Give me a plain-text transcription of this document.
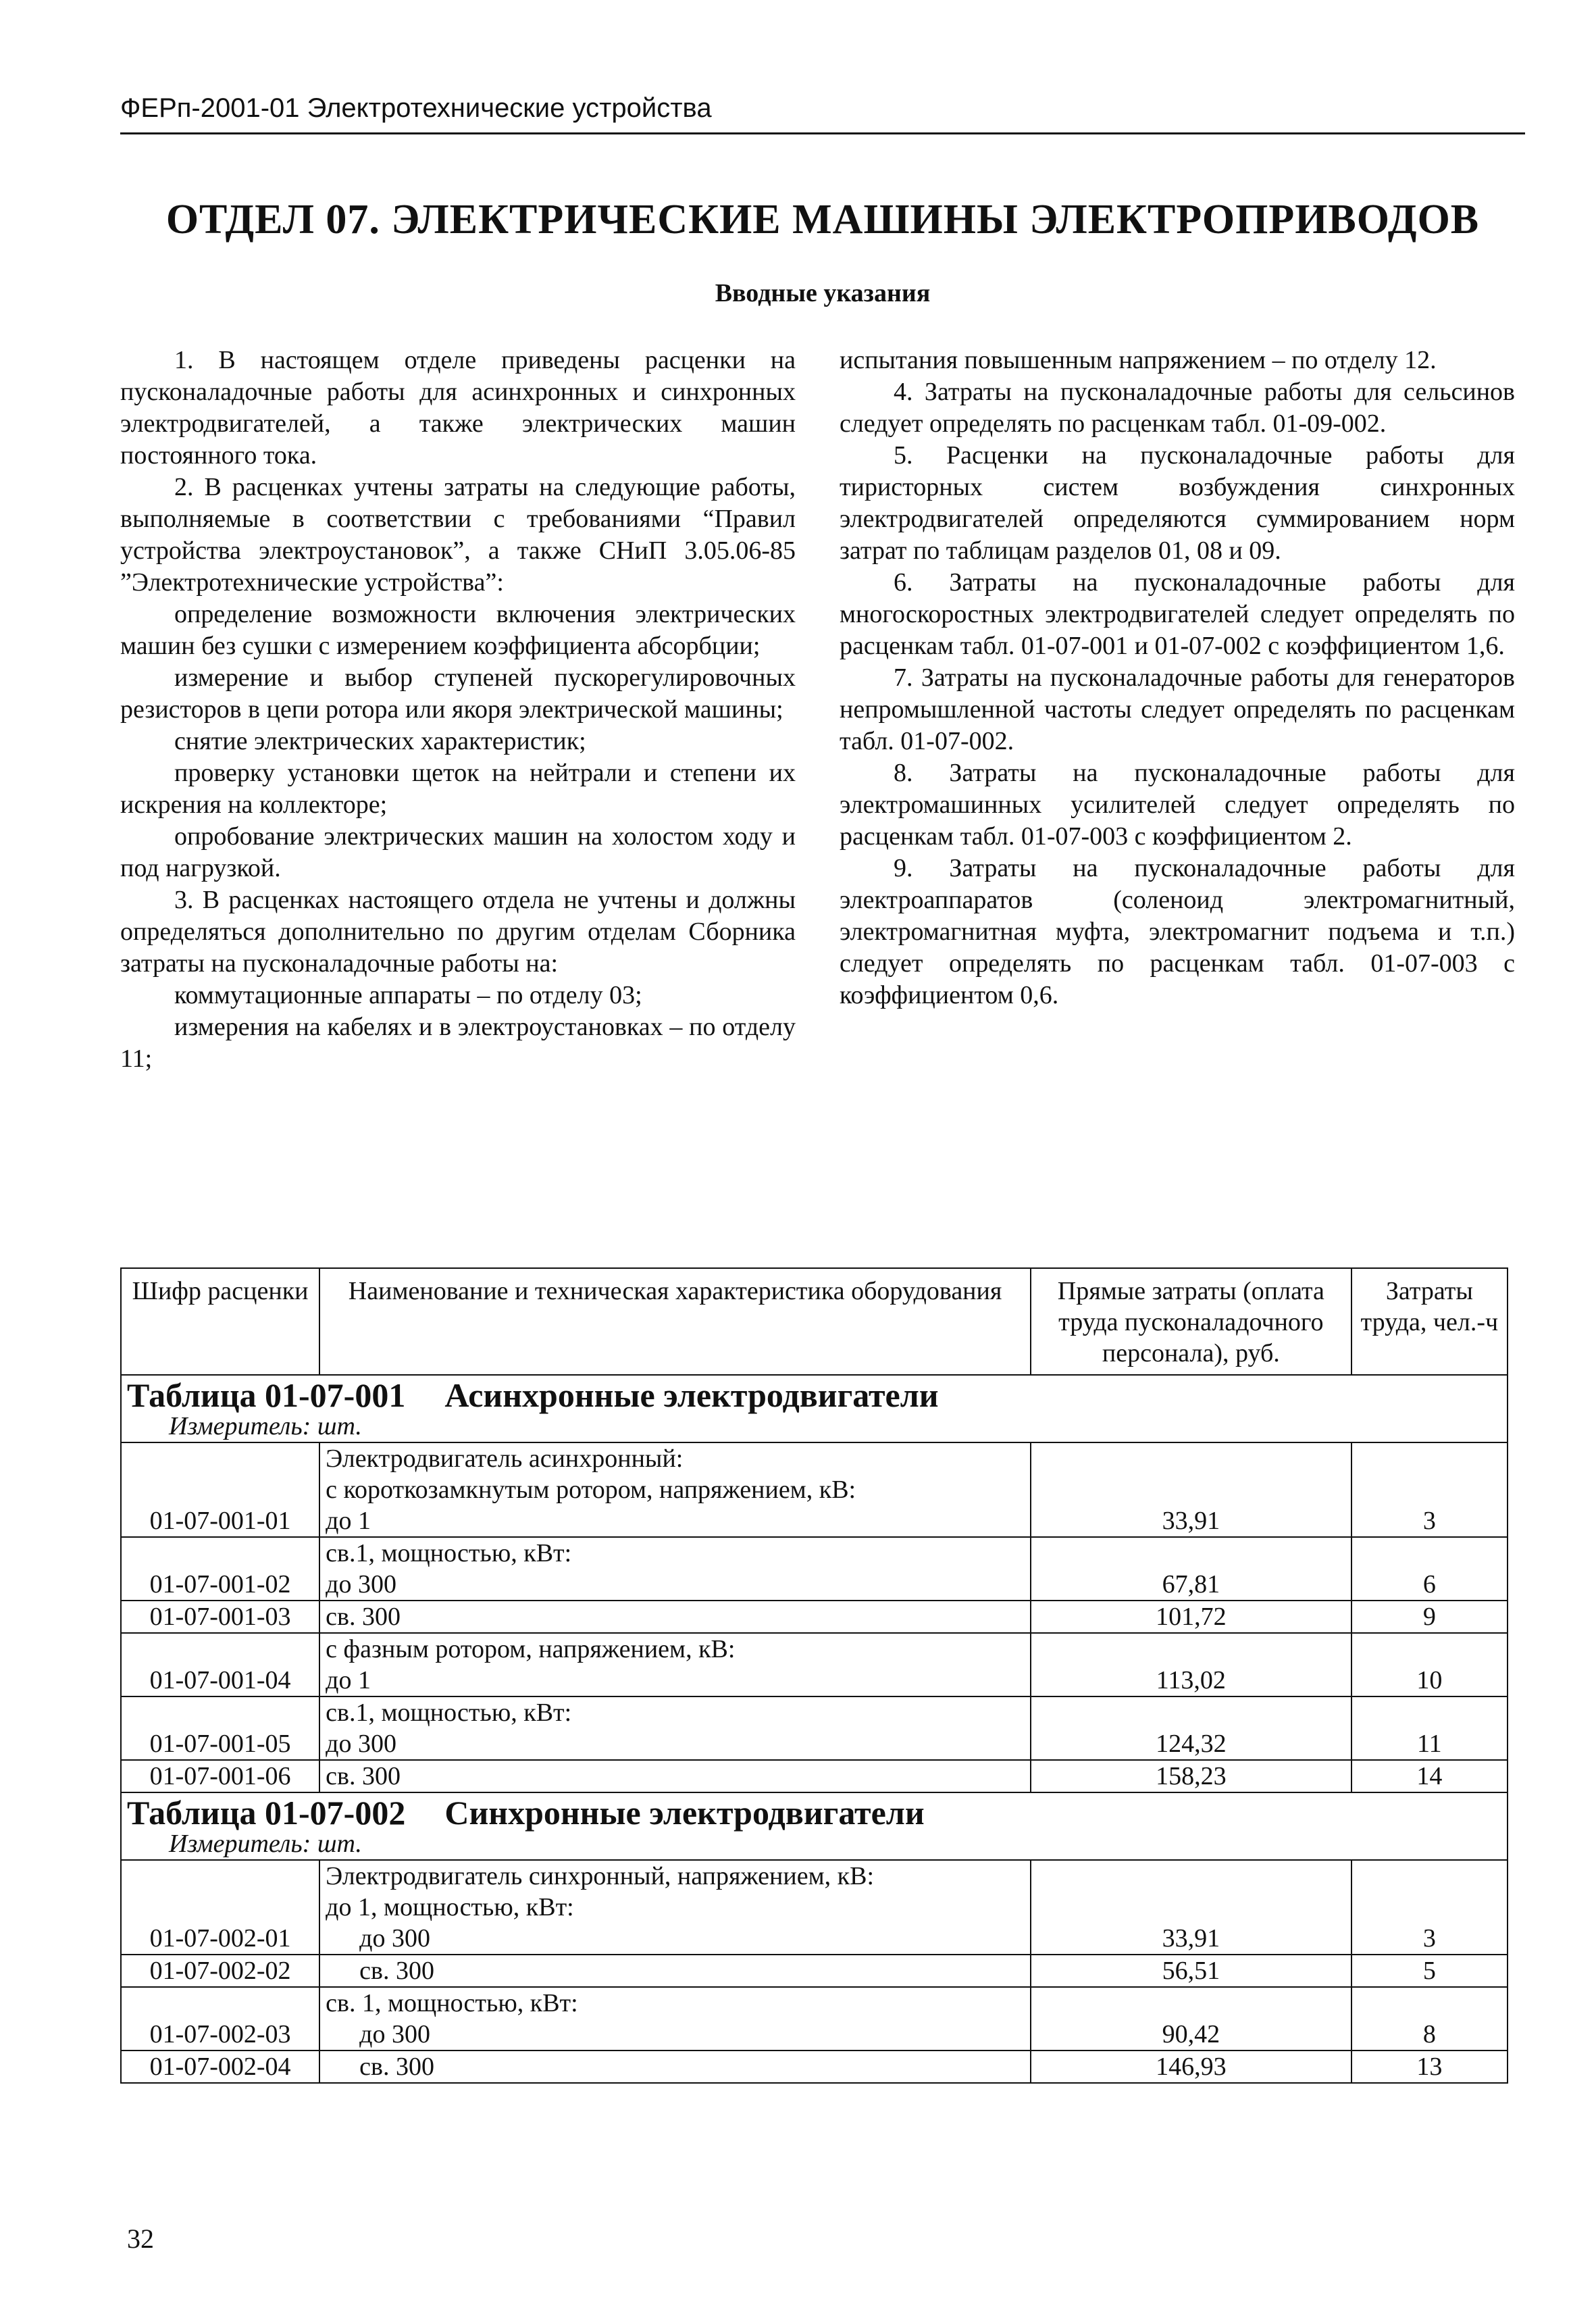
ФЕРп-2001-01 Электротехнические устройства
ОТДЕЛ 07. ЭЛЕКТРИЧЕСКИЕ МАШИНЫ ЭЛЕКТРОПРИВОДОВ
Вводные указания

1. В настоящем отделе приведены расценки на пусконаладочные работы для асинхронных и синхронных электродвигателей, а также электрических машин постоянного тока.

2. В расценках учтены затраты на следующие работы, выполняемые в соответствии с требованиями “Правил устройства электроустановок”, а также СНиП 3.05.06-85 ”Электротехнические устройства”:

определение возможности включения электрических машин без сушки с измерением коэффициента абсорбции;

измерение и выбор ступеней пускорегулировочных резисторов в цепи ротора или якоря электрической машины;

снятие электрических характеристик;

проверку установки щеток на нейтрали и степени их искрения на коллекторе;

опробование электрических машин на холостом ходу и под нагрузкой.

3. В расценках настоящего отдела не учтены и должны определяться дополнительно по другим отделам Сборника затраты на пусконаладочные работы на:

коммутационные аппараты – по отделу 03;

измерения на кабелях и в электроустановках – по отделу 11;

испытания повышенным напряжением – по отделу 12.

4. Затраты на пусконаладочные работы для сельсинов следует определять по расценкам табл. 01-09-002.

5. Расценки на пусконаладочные работы для тиристорных систем возбуждения синхронных электродвигателей определяются суммированием норм затрат по таблицам разделов 01, 08 и 09.

6. Затраты на пусконаладочные работы для многоскоростных электродвигателей следует определять по расценкам табл. 01-07-001 и 01-07-002 с коэффициентом 1,6.

7. Затраты на пусконаладочные работы для генераторов непромышленной частоты следует определять по расценкам табл. 01-07-002.

8. Затраты на пусконаладочные работы для электромашинных усилителей следует определять по расценкам табл. 01-07-003 с коэффициентом 2.

9. Затраты на пусконаладочные работы для электроаппаратов (соленоид электромагнитный, электромагнитная муфта, электромагнит подъема и т.п.) следует определять по расценкам табл. 01-07-003 с коэффициентом 0,6.

Шифр расценки	Наименование и техническая характеристика оборудования	Прямые затраты (оплата труда пусконаладочного персонала), руб.	Затраты труда, чел.-ч

Таблица 01-07-001 Асинхронные электродвигатели
Измеритель: шт.			

01-07-001-01	Электродвигатель асинхронный:
с короткозамкнутым ротором, напряжением, кВ:
до 1	33,91	3
01-07-001-02	св.1, мощностью, кВт:
до 300	67,81	6
01-07-001-03	св. 300	101,72	9
01-07-001-04	с фазным ротором, напряжением, кВ:
до 1	113,02	10
01-07-001-05	св.1, мощностью, кВт:
до 300	124,32	11
01-07-001-06	св. 300	158,23	14

Таблица 01-07-002 Синхронные электродвигатели
Измеритель: шт.			

01-07-002-01	Электродвигатель синхронный, напряжением, кВ:
до 1, мощностью, кВт:
до 300	33,91	3
01-07-002-02	св. 300	56,51	5
01-07-002-03	св. 1, мощностью, кВт:
до 300	90,42	8
01-07-002-04	св. 300	146,93	13
32
